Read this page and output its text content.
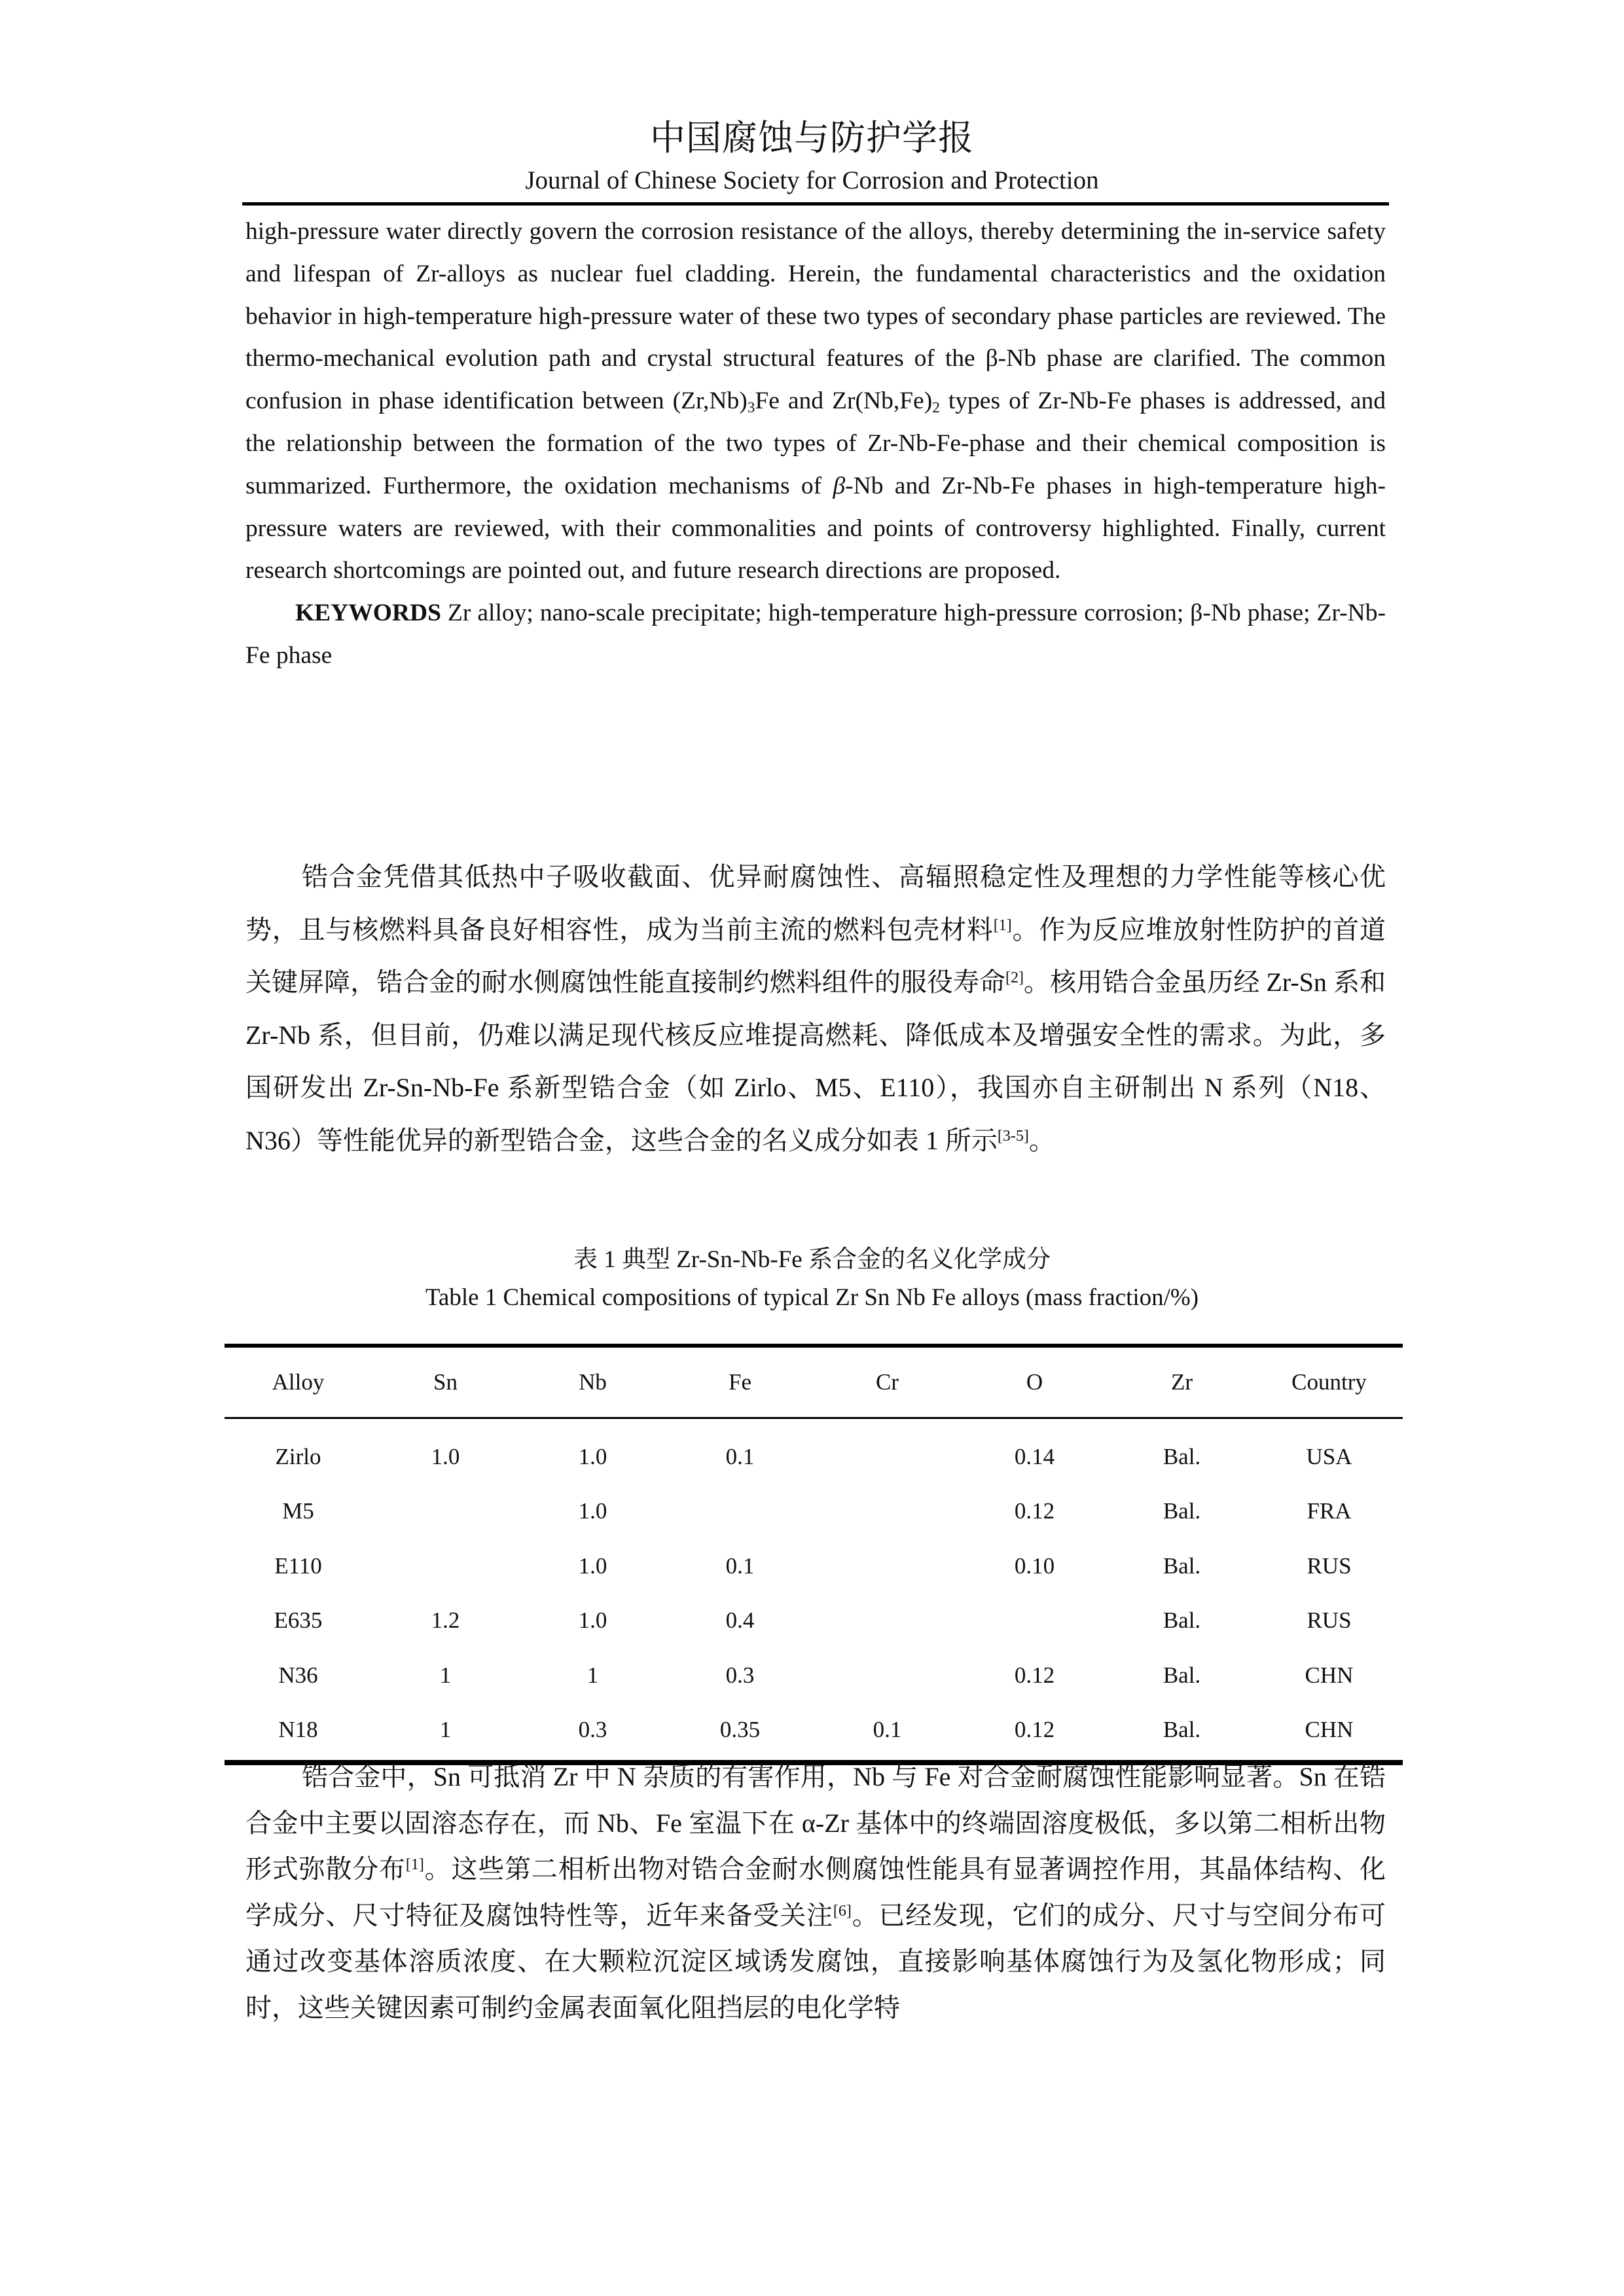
中国腐蚀与防护学报
Journal of Chinese Society for Corrosion and Protection

high-pressure water directly govern the corrosion resistance of the alloys, thereby determining the in-service safety and lifespan of Zr-alloys as nuclear fuel cladding. Herein, the fundamental characteristics and the oxidation behavior in high-temperature high-pressure water of these two types of secondary phase particles are reviewed. The thermo-mechanical evolution path and crystal structural features of the β-Nb phase are clarified. The common confusion in phase identification between $(Zr,Nb)_3Fe$ and $Zr(Nb,Fe)_2$ types of Zr-Nb-Fe phases is addressed, and the relationship between the formation of the two types of Zr-Nb-Fe-phase and their chemical composition is summarized. Furthermore, the oxidation mechanisms of β-Nb and Zr-Nb-Fe phases in high-temperature high-pressure waters are reviewed, with their commonalities and points of controversy highlighted. Finally, current research shortcomings are pointed out, and future research directions are proposed.

KEYWORDS Zr alloy; nano-scale precipitate; high-temperature high-pressure corrosion; β-Nb phase; Zr-Nb-Fe phase

锆合金凭借其低热中子吸收截面、优异耐腐蚀性、高辐照稳定性及理想的力学性能等核心优势，且与核燃料具备良好相容性，成为当前主流的燃料包壳材料[1]。作为反应堆放射性防护的首道关键屏障，锆合金的耐水侧腐蚀性能直接制约燃料组件的服役寿命[2]。核用锆合金虽历经 Zr-Sn 系和 Zr-Nb 系，但目前，仍难以满足现代核反应堆提高燃耗、降低成本及增强安全性的需求。为此，多国研发出 Zr-Sn-Nb-Fe 系新型锆合金（如 Zirlo、M5、E110），我国亦自主研制出 N 系列（N18、N36）等性能优异的新型锆合金，这些合金的名义成分如表 1 所示[3-5]。

表 1 典型 Zr-Sn-Nb-Fe 系合金的名义化学成分
Table 1 Chemical compositions of typical Zr Sn Nb Fe alloys (mass fraction/%)
Alloy	Sn	Nb	Fe	Cr	O	Zr	Country
Zirlo	1.0	1.0	0.1		0.14	Bal.	USA
M5		1.0			0.12	Bal.	FRA
E110		1.0	0.1		0.10	Bal.	RUS
E635	1.2	1.0	0.4			Bal.	RUS
N36	1	1	0.3		0.12	Bal.	CHN
N18	1	0.3	0.35	0.1	0.12	Bal.	CHN

锆合金中，Sn 可抵消 Zr 中 N 杂质的有害作用，Nb 与 Fe 对合金耐腐蚀性能影响显著。Sn 在锆合金中主要以固溶态存在，而 Nb、Fe 室温下在 α-Zr 基体中的终端固溶度极低，多以第二相析出物形式弥散分布[1]。这些第二相析出物对锆合金耐水侧腐蚀性能具有显著调控作用，其晶体结构、化学成分、尺寸特征及腐蚀特性等，近年来备受关注[6]。已经发现，它们的成分、尺寸与空间分布可通过改变基体溶质浓度、在大颗粒沉淀区域诱发腐蚀，直接影响基体腐蚀行为及氢化物形成；同时，这些关键因素可制约金属表面氧化阻挡层的电化学特
